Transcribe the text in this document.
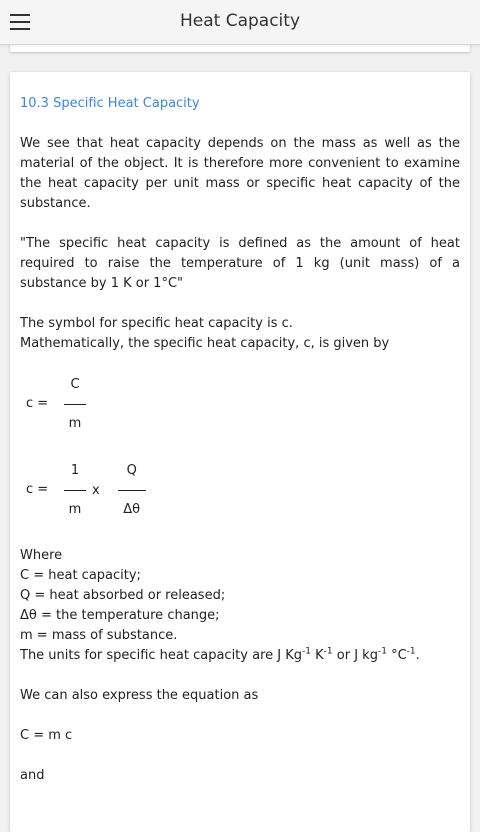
Heat Capacity
10.3 Specific Heat Capacity

We see that heat capacity depends on the mass as well as the material of the object. It is therefore more convenient to examine the heat capacity per unit mass or specific heat capacity of the substance.

"The specific heat capacity is defined as the amount of heat required to raise the temperature of 1 kg (unit mass) of a substance by 1 K or 1°C"

The symbol for specific heat capacity is c.
Mathematically, the specific heat capacity, c, is given by
c =	$\frac{C}{m}$
c =	$\frac{1}{m}$ x $\frac{Q}{\Delta\theta}$
Where
C = heat capacity;
Q = heat absorbed or released;
Δθ = the temperature change;
m = mass of substance.
The units for specific heat capacity are J $Kg^{-1}$ $K^{-1}$ or J $kg^{-1}$ $^\circ C^{-1}$.
We can also express the equation as
C = m c
and
